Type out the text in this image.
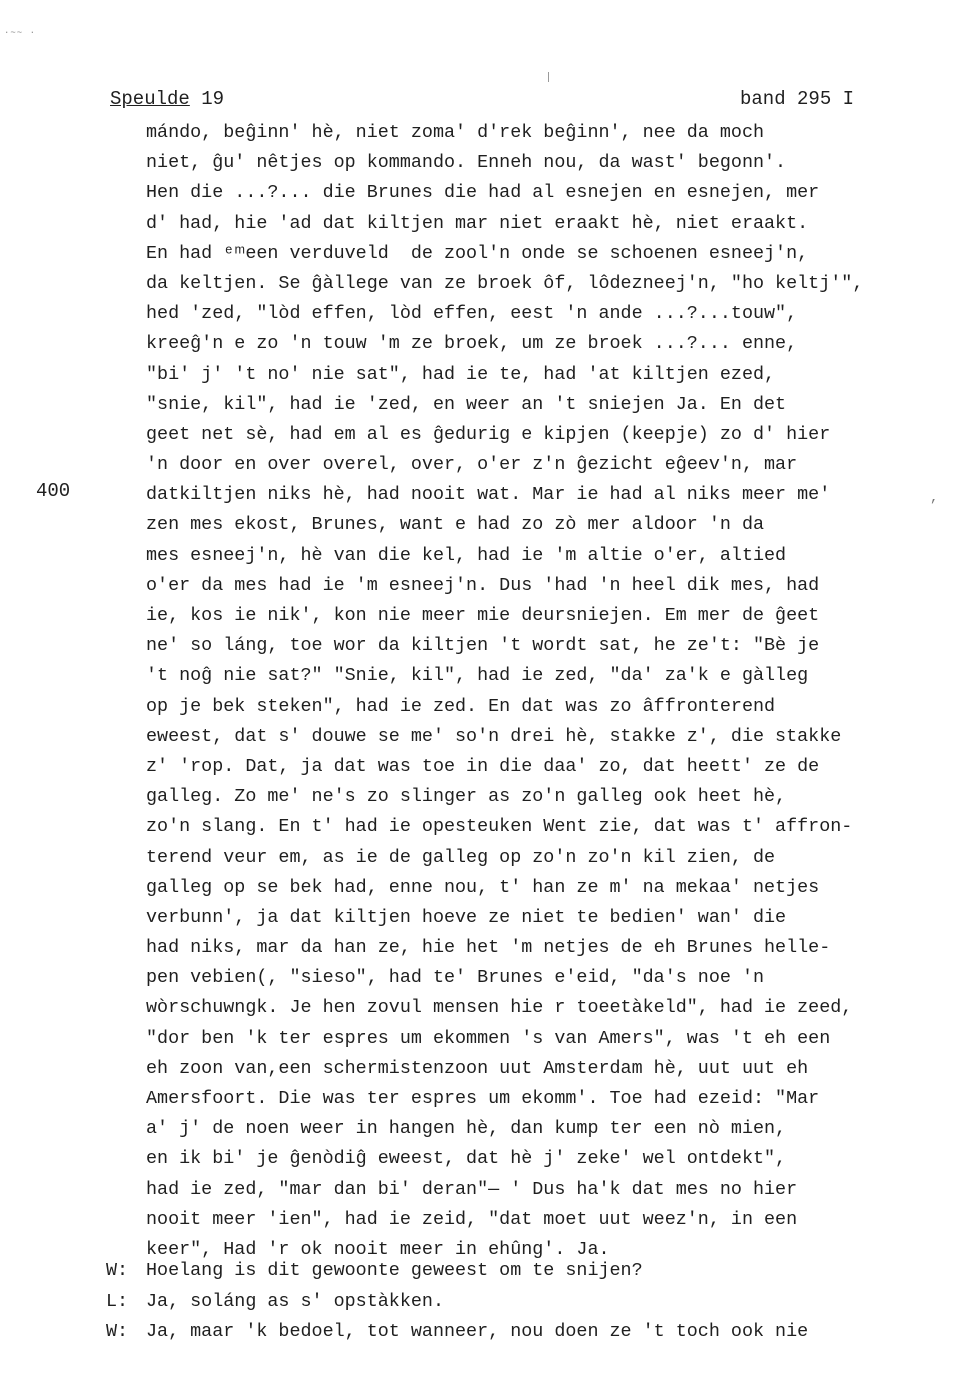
·~~ ·
Speulde 19	band 295 I
400	,
mándo, beĝinn' hè, niet zoma' d'rek beĝinn', nee da moch
niet, ĝu' nêtjes op kommando. Enneh nou, da wast' begonn'.
Hen die ...?... die Brunes die had al esnejen en esnejen, mer
d' had, hie 'ad dat kiltjen mar niet eraakt hè, niet eraakt.
En had ᵉᵐeen verduveld  de zool'n onde se schoenen esneej'n,
da keltjen. Se ĝàllege van ze broek ôf, lôdezneej'n, "ho keltj'",
hed 'zed, "lòd effen, lòd effen, eest 'n ande ...?...touw",
kreeĝ'n e zo 'n touw 'm ze broek, um ze broek ...?... enne,
"bi' j' 't no' nie sat", had ie te, had 'at kiltjen ezed,
"snie, kil", had ie 'zed, en weer an 't sniejen Ja. En det
geet net sè, had em al es ĝedurig e kipjen (keepje) zo d' hier
'n door en over overel, over, o'er z'n ĝezicht eĝeev'n, mar
datkiltjen niks hè, had nooit wat. Mar ie had al niks meer me'
zen mes ekost, Brunes, want e had zo zò mer aldoor 'n da
mes esneej'n, hè van die kel, had ie 'm altie o'er, altied
o'er da mes had ie 'm esneej'n. Dus 'had 'n heel dik mes, had
ie, kos ie nik', kon nie meer mie deursniejen. Em mer de ĝeet
ne' so láng, toe wor da kiltjen 't wordt sat, he ze't: "Bè je
't noĝ nie sat?" "Snie, kil", had ie zed, "da' za'k e gàlleg
op je bek steken", had ie zed. En dat was zo âffronterend
eweest, dat s' douwe se me' so'n drei hè, stakke z', die stakke
z' 'rop. Dat, ja dat was toe in die daa' zo, dat heett' ze de
galleg. Zo me' ne's zo slinger as zo'n galleg ook heet hè,
zo'n slang. En t' had ie opesteuken Went zie, dat was t' affron-
terend veur em, as ie de galleg op zo'n zo'n kil zien, de
galleg op se bek had, enne nou, t' han ze m' na mekaa' netjes
verbunn', ja dat kiltjen hoeve ze niet te bedien' wan' die
had niks, mar da han ze, hie het 'm netjes de eh Brunes helle-
pen vebien(, "sieso", had te' Brunes e'eid, "da's noe 'n
wòrschuwngk. Je hen zovul mensen hie r toeetàkeld", had ie zeed,
"dor ben 'k ter espres um ekommen 's van Amers", was 't eh een
eh zoon van,een schermistenzoon uut Amsterdam hè, uut uut eh
Amersfoort. Die was ter espres um ekomm'. Toe had ezeid: "Mar
a' j' de noen weer in hangen hè, dan kump ter een nò mien,
en ik bi' je ĝenòdiĝ eweest, dat hè j' zeke' wel ontdekt",
had ie zed, "mar dan bi' deran"— ' Dus ha'k dat mes no hier
nooit meer 'ien", had ie zeid, "dat moet uut weez'n, in een
keer", Had 'r ok nooit meer in ehûng'. Ja.
W: Hoelang is dit gewoonte geweest om te snijen?
L: Ja, soláng as s' opstàkken.
W: Ja, maar 'k bedoel, tot wanneer, nou doen ze 't toch ook nie
